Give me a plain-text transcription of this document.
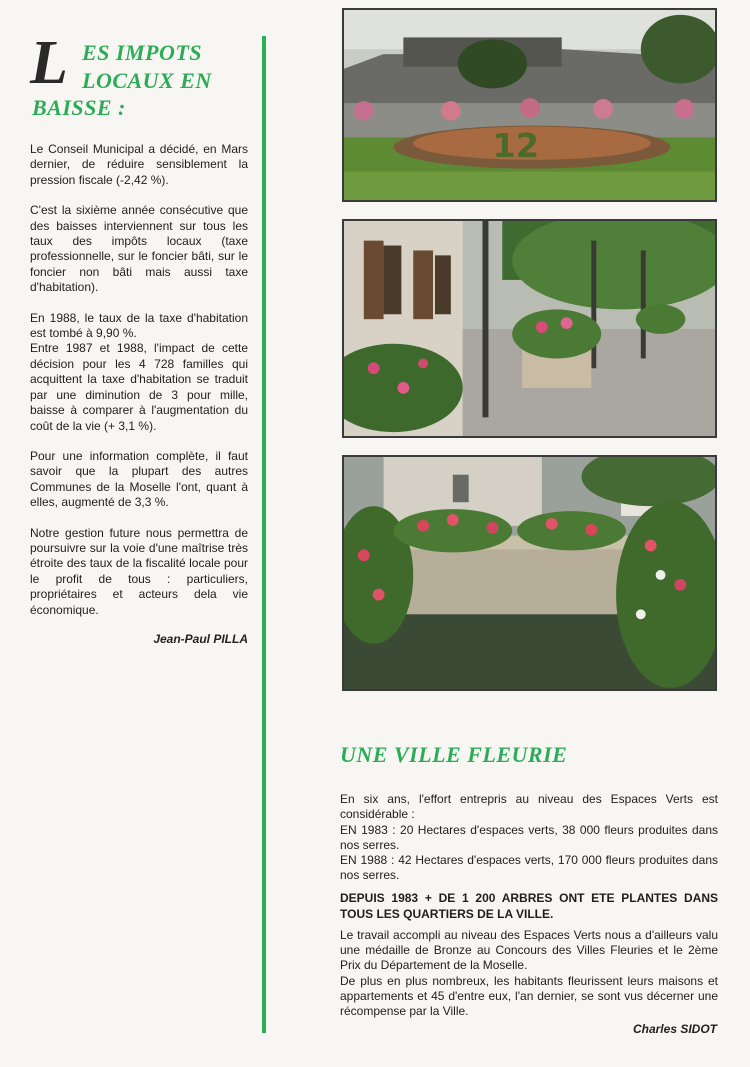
L ES IMPOTS
LOCAUX EN
BAISSE :

Le Conseil Municipal a décidé, en Mars dernier, de réduire sensiblement la pression fiscale (-2,42 %).

C'est la sixième année consécutive que des baisses interviennent sur tous les taux des impôts locaux (taxe professionnelle, sur le foncier bâti, sur le foncier non bâti mais aussi taxe d'habitation).

En 1988, le taux de la taxe d'habitation est tombé à 9,90 %.

Entre 1987 et 1988, l'impact de cette décision pour les 4 728 familles qui acquittent la taxe d'habitation se traduit par une diminution de 3 pour mille, baisse à comparer à l'augmentation du coût de la vie (+ 3,1 %).

Pour une information complète, il faut savoir que la plupart des autres Communes de la Moselle l'ont, quant à elles, augmenté de 3,3 %.

Notre gestion future nous permettra de poursuivre sur la voie d'une maîtrise très étroite des taux de la fiscalité locale pour le profit de tous : particuliers, propriétaires et acteurs dela vie économique.

Jean-Paul PILLA
12
UNE VILLE FLEURIE

En six ans, l'effort entrepris au niveau des Espaces Verts est considérable :

EN 1983 : 20 Hectares d'espaces verts, 38 000 fleurs produites dans nos serres.

EN 1988 : 42 Hectares d'espaces verts, 170 000 fleurs produites dans nos serres.

DEPUIS 1983 + DE 1 200 ARBRES ONT ETE PLANTES DANS TOUS LES QUARTIERS DE LA VILLE.

Le travail accompli au niveau des Espaces Verts nous a d'ailleurs valu une médaille de Bronze au Concours des Villes Fleuries et le 2ème Prix du Département de la Moselle.

De plus en plus nombreux, les habitants fleurissent leurs maisons et appartements et 45 d'entre eux, l'an dernier, se sont vus décerner une récompense par la Ville.

Charles SIDOT
